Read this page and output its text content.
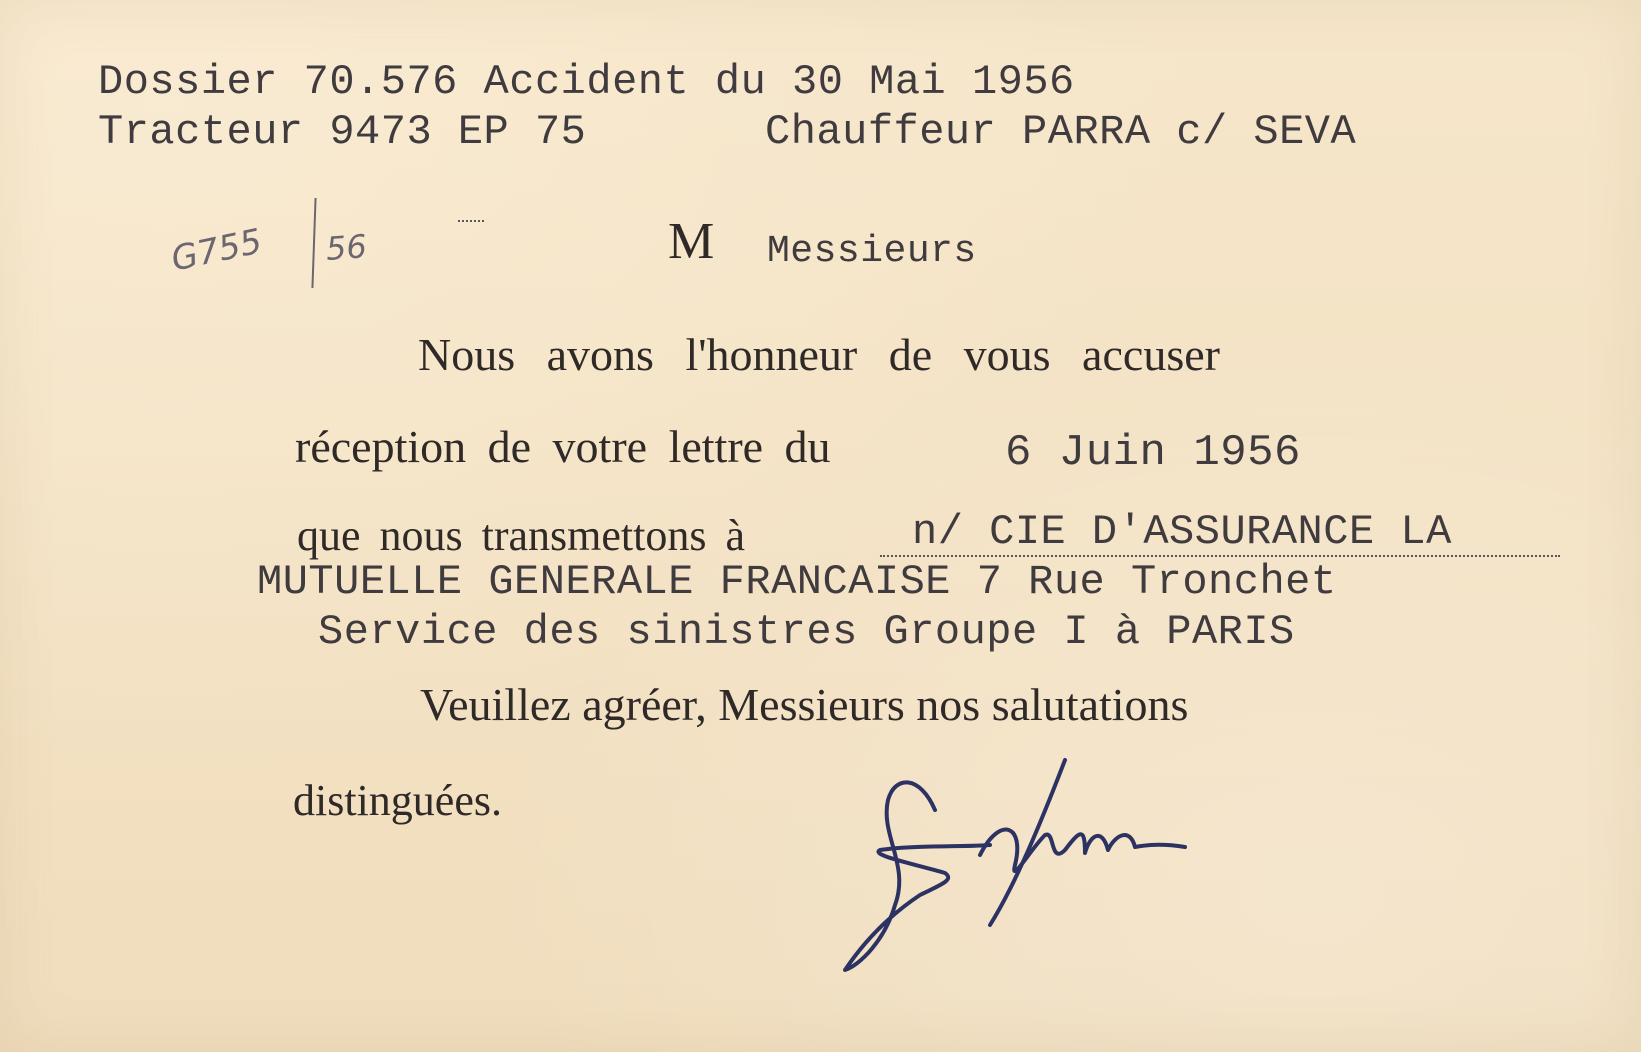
Dossier 70.576 Accident du 30 Mai 1956
Tracteur 9473 EP 75	Chauffeur PARRA c/ SEVA
G755 56	M Messieurs
Nous avons l'honneur de vous accuser
réception de votre lettre du	6 Juin 1956
que nous transmettons à	n/ CIE D'ASSURANCE LA
MUTUELLE GENERALE FRANCAISE 7 Rue Tronchet
Service des sinistres Groupe I à PARIS
Veuillez agréer, Messieurs nos salutations
distinguées.
